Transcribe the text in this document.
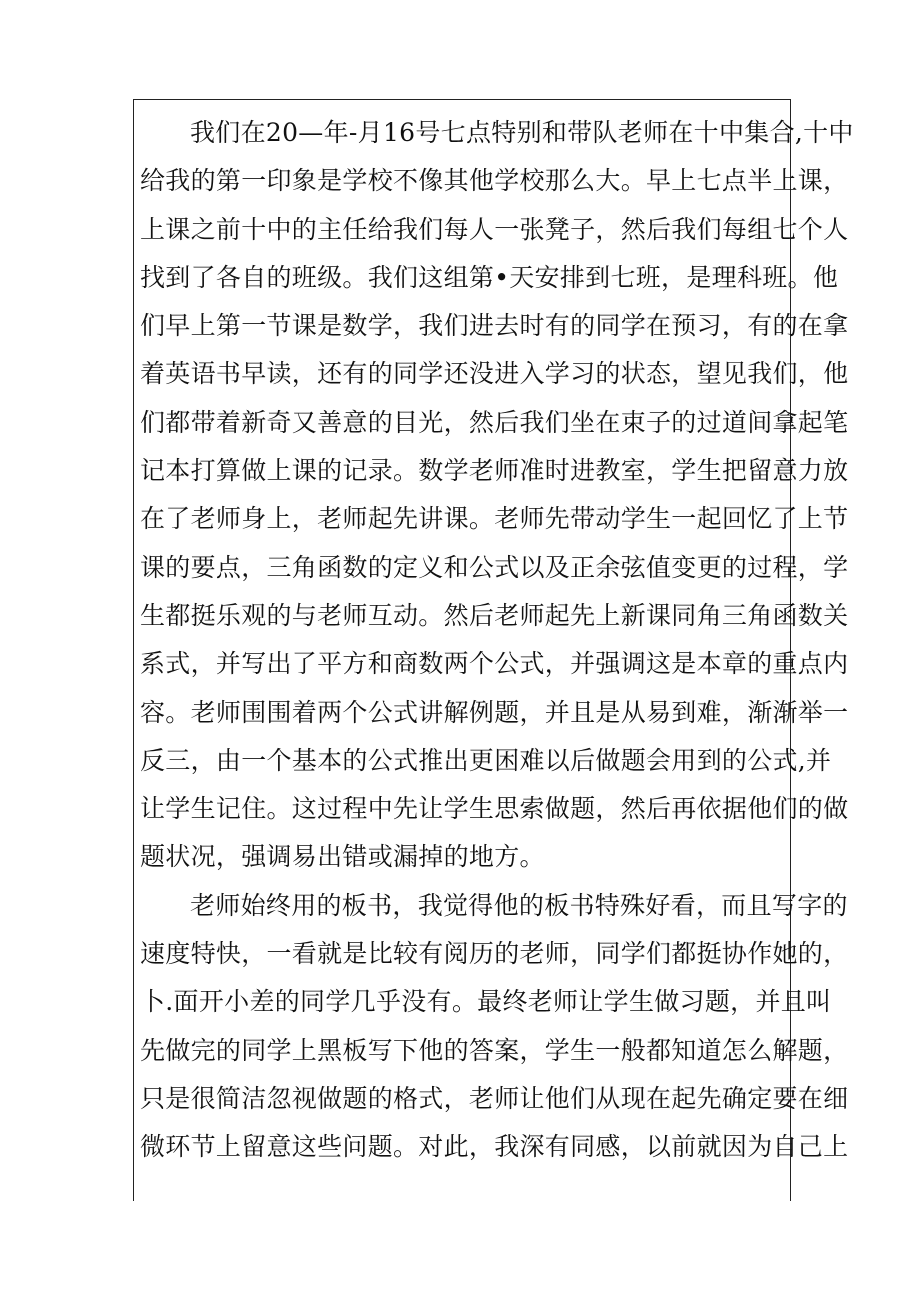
我们在20—年-月16号七点特别和带队老师在十中集合,十中
给我的第一印象是学校不像其他学校那么大。早上七点半上课，
上课之前十中的主任给我们每人一张凳子，然后我们每组七个人
找到了各自的班级。我们这组第•天安排到七班，是理科班。他
们早上第一节课是数学，我们进去时有的同学在预习，有的在拿
着英语书早读，还有的同学还没进入学习的状态，望见我们，他
们都带着新奇又善意的目光，然后我们坐在束子的过道间拿起笔
记本打算做上课的记录。数学老师准时进教室，学生把留意力放
在了老师身上，老师起先讲课。老师先带动学生一起回忆了上节
课的要点，三角函数的定义和公式以及正余弦值变更的过程，学
生都挺乐观的与老师互动。然后老师起先上新课同角三角函数关
系式，并写出了平方和商数两个公式，并强调这是本章的重点内
容。老师围围着两个公式讲解例题，并且是从易到难，渐渐举一
反三，由一个基本的公式推出更困难以后做题会用到的公式,并
让学生记住。这过程中先让学生思索做题，然后再依据他们的做
题状况，强调易出错或漏掉的地方。
老师始终用的板书，我觉得他的板书特殊好看，而且写字的
速度特快，一看就是比较有阅历的老师，同学们都挺协作她的，
卜.面开小差的同学几乎没有。最终老师让学生做习题，并且叫
先做完的同学上黑板写下他的答案，学生一般都知道怎么解题，
只是很简洁忽视做题的格式，老师让他们从现在起先确定要在细
微环节上留意这些问题。对此，我深有同感，以前就因为自己上
